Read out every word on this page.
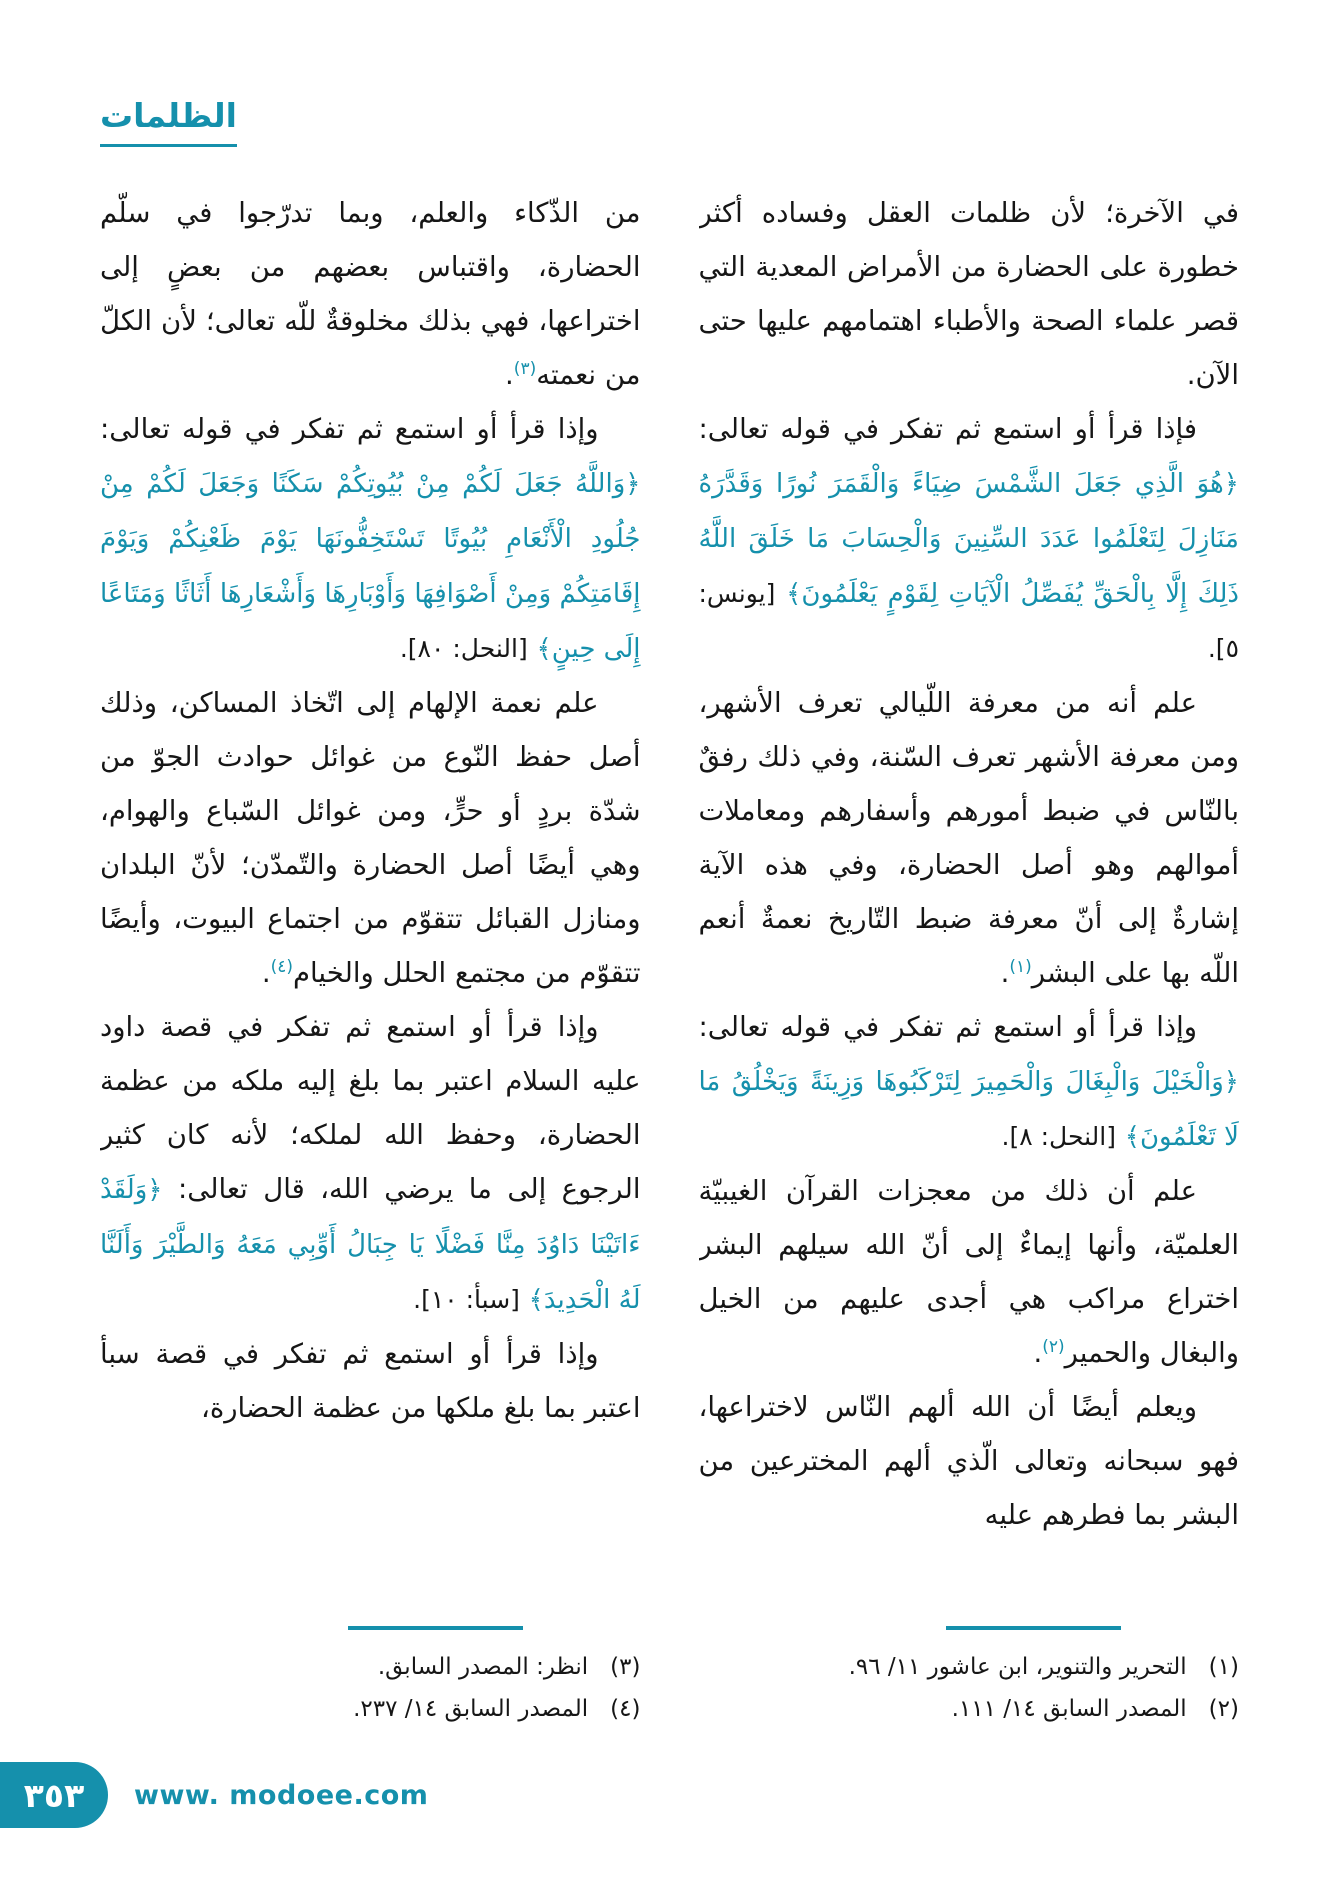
الظلمات

في الآخرة؛ لأن ظلمات العقل وفساده أكثر خطورة على الحضارة من الأمراض المعدية التي قصر علماء الصحة والأطباء اهتمامهم عليها حتى الآن.

فإذا قرأ أو استمع ثم تفكر في قوله تعالى: ﴿هُوَ الَّذِي جَعَلَ الشَّمْسَ ضِيَاءً وَالْقَمَرَ نُورًا وَقَدَّرَهُ مَنَازِلَ لِتَعْلَمُوا عَدَدَ السِّنِينَ وَالْحِسَابَ مَا خَلَقَ اللَّهُ ذَلِكَ إِلَّا بِالْحَقِّ يُفَصِّلُ الْآيَاتِ لِقَوْمٍ يَعْلَمُونَ﴾ [يونس: ٥].

علم أنه من معرفة اللّيالي تعرف الأشهر، ومن معرفة الأشهر تعرف السّنة، وفي ذلك رفقٌ بالنّاس في ضبط أمورهم وأسفارهم ومعاملات أموالهم وهو أصل الحضارة، وفي هذه الآية إشارةٌ إلى أنّ معرفة ضبط التّاريخ نعمةٌ أنعم اللّه بها على البشر$^{(١)}$.

وإذا قرأ أو استمع ثم تفكر في قوله تعالى: ﴿وَالْخَيْلَ وَالْبِغَالَ وَالْحَمِيرَ لِتَرْكَبُوهَا وَزِينَةً وَيَخْلُقُ مَا لَا تَعْلَمُونَ﴾ [النحل: ٨].

علم أن ذلك من معجزات القرآن الغيبيّة العلميّة، وأنها إيماءٌ إلى أنّ الله سيلهم البشر اختراع مراكب هي أجدى عليهم من الخيل والبغال والحمير$^{(٢)}$.

ويعلم أيضًا أن الله ألهم النّاس لاختراعها، فهو سبحانه وتعالى الّذي ألهم المخترعين من البشر بما فطرهم عليه

(١)
التحرير والتنوير، ابن عاشور ١١/ ٩٦.

(٢)
المصدر السابق ١٤/ ١١١.

من الذّكاء والعلم، وبما تدرّجوا في سلّم الحضارة، واقتباس بعضهم من بعضٍ إلى اختراعها، فهي بذلك مخلوقةٌ للّه تعالى؛ لأن الكلّ من نعمته$^{(٣)}$.

وإذا قرأ أو استمع ثم تفكر في قوله تعالى: ﴿وَاللَّهُ جَعَلَ لَكُمْ مِنْ بُيُوتِكُمْ سَكَنًا وَجَعَلَ لَكُمْ مِنْ جُلُودِ الْأَنْعَامِ بُيُوتًا تَسْتَخِفُّونَهَا يَوْمَ ظَعْنِكُمْ وَيَوْمَ إِقَامَتِكُمْ وَمِنْ أَصْوَافِهَا وَأَوْبَارِهَا وَأَشْعَارِهَا أَثَاثًا وَمَتَاعًا إِلَى حِينٍ﴾ [النحل: ٨٠].

علم نعمة الإلهام إلى اتّخاذ المساكن، وذلك أصل حفظ النّوع من غوائل حوادث الجوّ من شدّة بردٍ أو حرٍّ، ومن غوائل السّباع والهوام، وهي أيضًا أصل الحضارة والتّمدّن؛ لأنّ البلدان ومنازل القبائل تتقوّم من اجتماع البيوت، وأيضًا تتقوّم من مجتمع الحلل والخيام$^{(٤)}$.

وإذا قرأ أو استمع ثم تفكر في قصة داود عليه السلام اعتبر بما بلغ إليه ملكه من عظمة الحضارة، وحفظ الله لملكه؛ لأنه كان كثير الرجوع إلى ما يرضي الله، قال تعالى: ﴿وَلَقَدْ ءَاتَيْنَا دَاوُدَ مِنَّا فَضْلًا يَا جِبَالُ أَوِّبِي مَعَهُ وَالطَّيْرَ وَأَلَنَّا لَهُ الْحَدِيدَ﴾ [سبأ: ١٠].

وإذا قرأ أو استمع ثم تفكر في قصة سبأ اعتبر بما بلغ ملكها من عظمة الحضارة،

(٣)
انظر: المصدر السابق.

(٤)
المصدر السابق ١٤/ ٢٣٧.

٣٥٣ www. modoee.com
